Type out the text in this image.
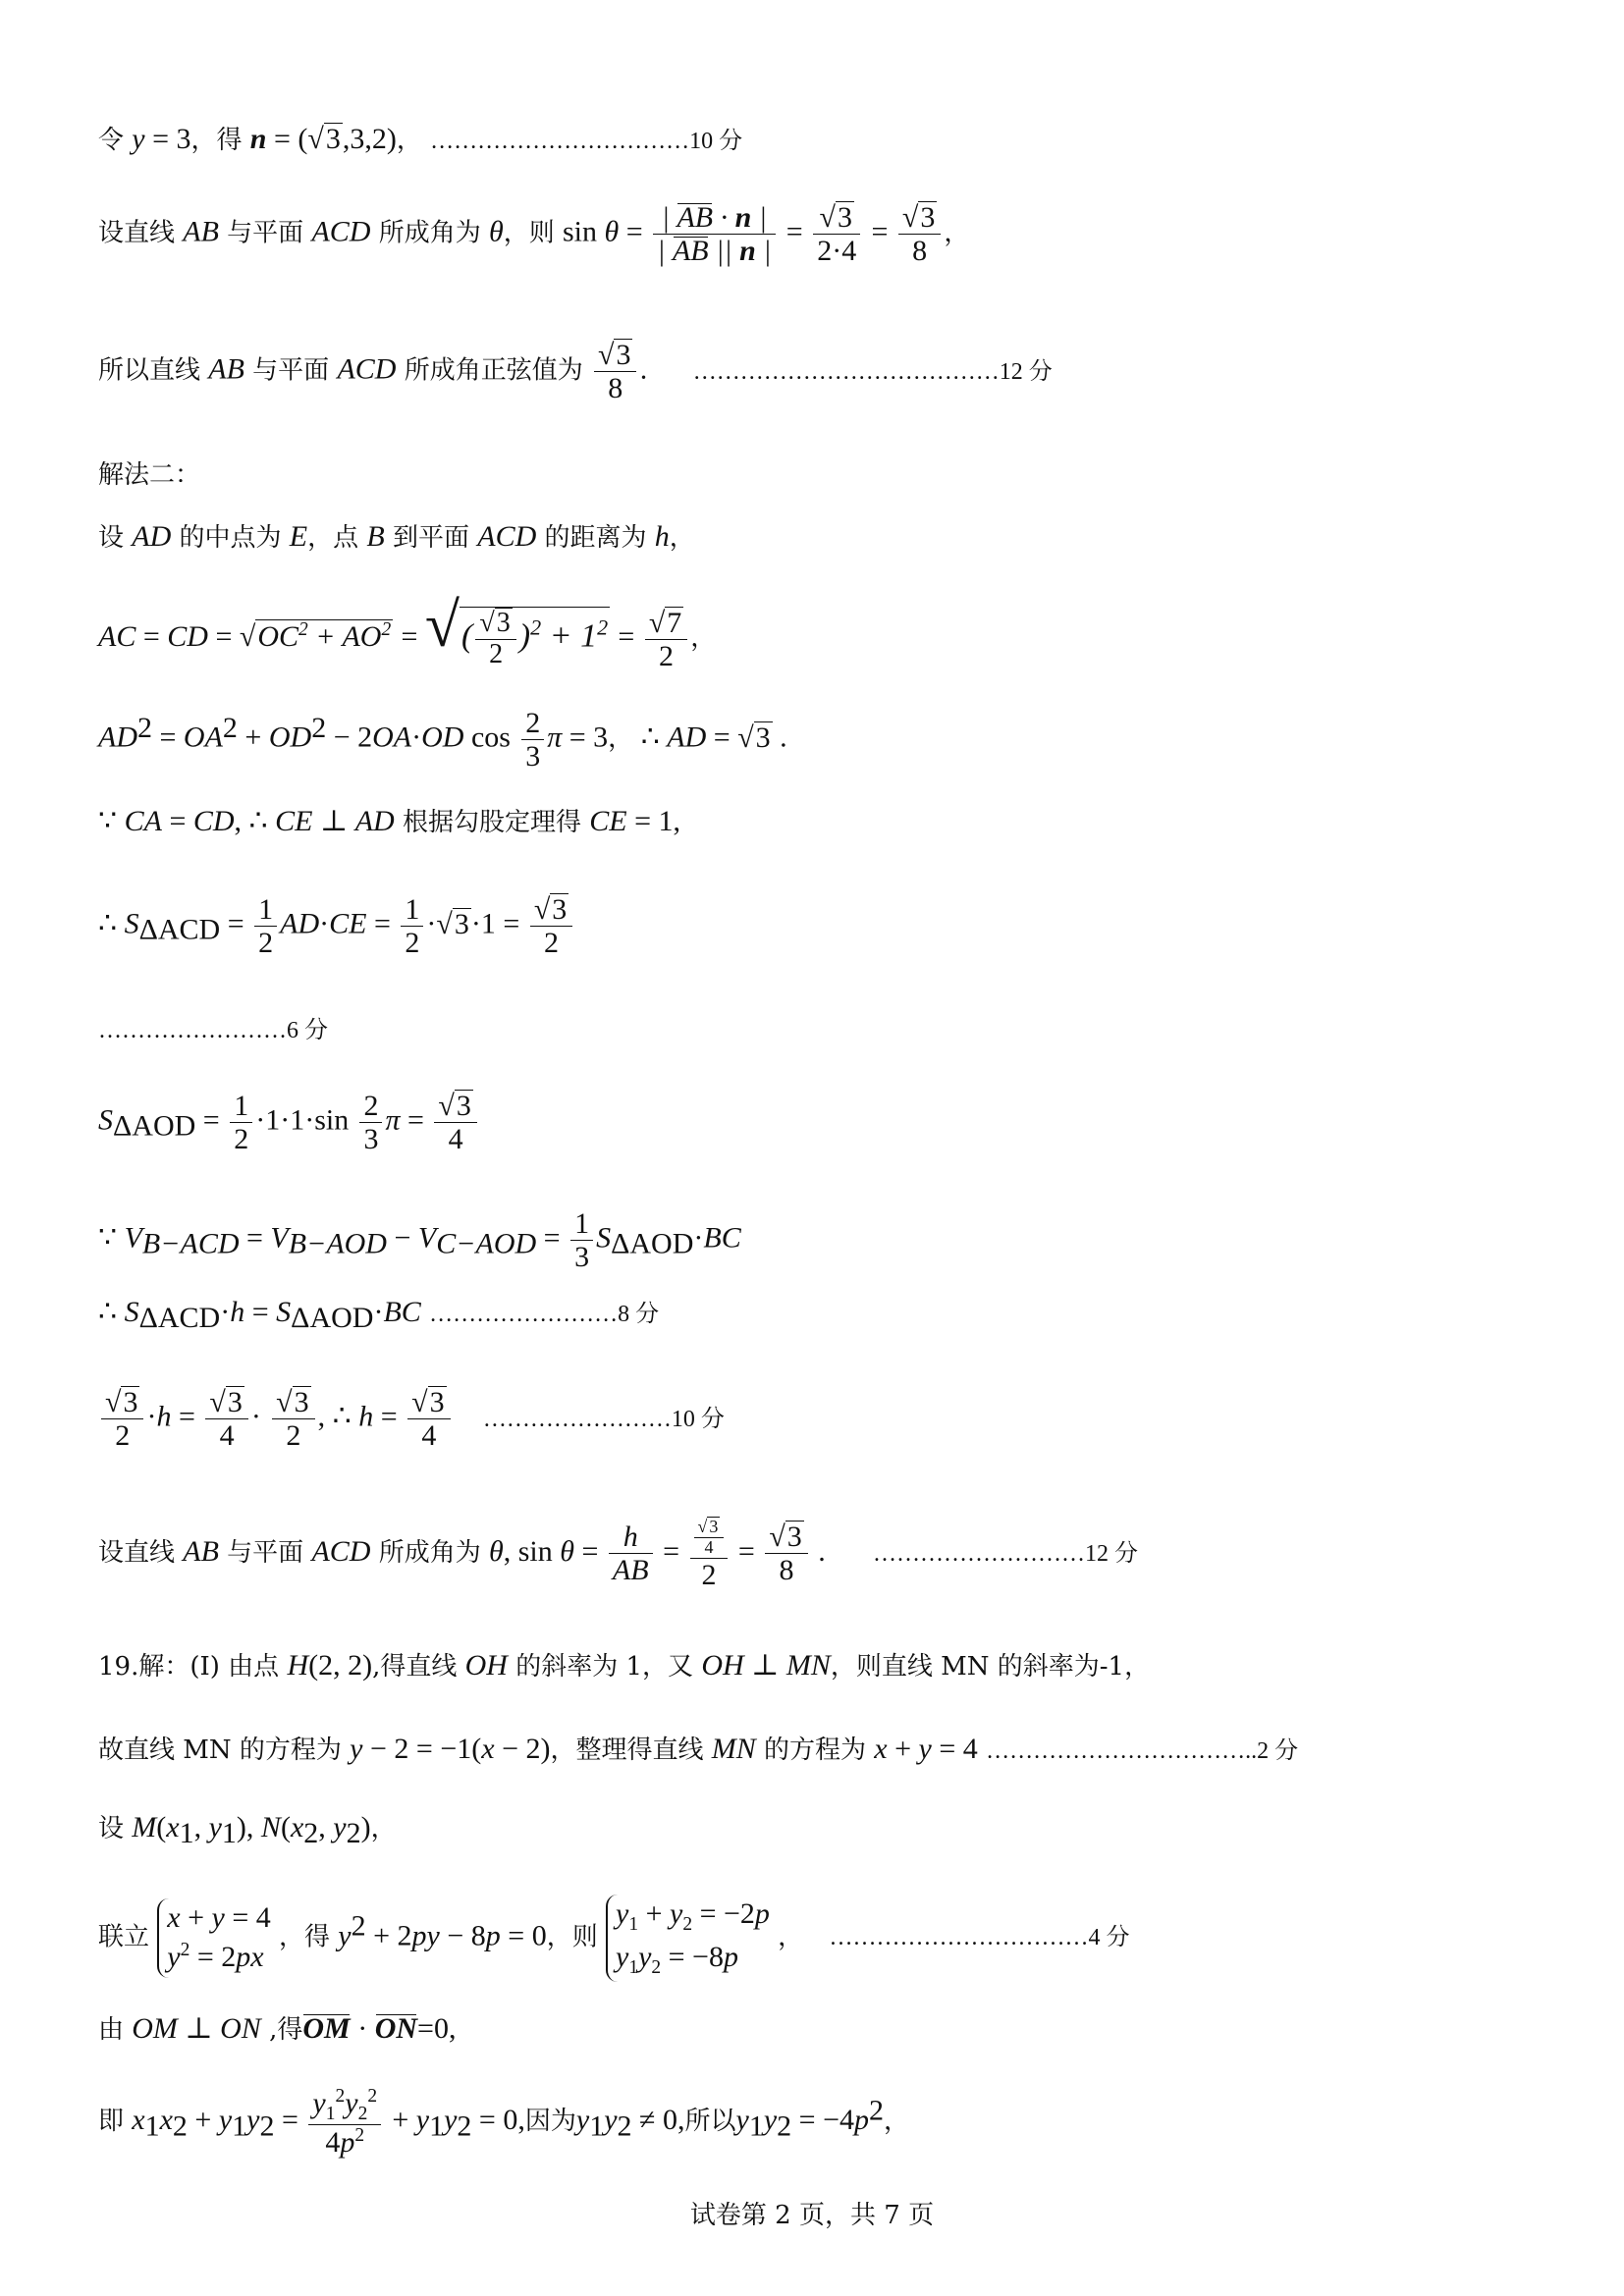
令 y = 3，得 n = (√3,3,2)， ……………………………10 分
设直线 AB 与平面 ACD 所成角为 θ，则 $\sin \theta = \frac{| AB \cdot n |}{| AB || n |} = \frac{√3}{2\cdot 4} = \frac{√3}{8}$ ，
所以直线 AB 与平面 ACD 所成角正弦值为 $\frac{√3}{8}$ ． …………………………………12 分
解法二：
设 AD 的中点为 E，点 B 到平面 ACD 的距离为 h，
AC = CD = $√OC^2 + AO^2$ = √( $\frac{√3}{2} )^2 + 1^2 = \frac{√7}{2}$ ，
$AD^2 = OA^2 + OD^2 - 2OA\cdot OD$ $\cos \frac{2}{3}$ π = 3， ∴ AD = √3 .
∵ CA = CD, ∴ CE ⊥ AD 根据勾股定理得 CE = 1,
∴ $S_{\Delta ACD} = \frac{1}{2} AD\cdot CE = \frac{1}{2} \cdot√3\cdot 1 = \frac{√3}{2}$
……………………6 分
$S_{\Delta AOD} = \frac{1}{2} \cdot 1\cdot 1\cdot\sin \frac{2}{3}$ $\pi = \frac{√3}{4}$
∵ $V_{B-ACD} = V_{B-AOD} - V_{C-AOD} = \frac{1}{3} S_{\Delta AOD}\cdot BC$
∴ $S_{\Delta ACD}\cdot h = S_{\Delta AOD}\cdot BC$ ……………………8 分
$\frac{√3}{2} \cdot h = \frac{√3}{4} \cdot \frac{√3}{2}$ , ∴ $h = \frac{√3}{4}$ ……………………10 分
设直线 AB 与平面 ACD 所成角为 θ, $\sin \theta = \frac{h}{AB} = \frac{\frac{√ 3}{4}}{2} = \frac{√3}{8}$ . ………………………12 分
19.解：(I) 由点 H(2, 2),得直线 OH 的斜率为 1，又 OH ⊥ MN，则直线 MN 的斜率为-1，
故直线 MN 的方程为 y − 2 = −1(x − 2)，整理得直线 MN 的方程为 x + y = 4 ……………………………..2 分
设 $M(x_1$, $y_1$), $N(x_2$, $y_2$)，
联立
x + y = 4
$y^2 = 2px$
，得 $y^2 + 2py - 8p = 0$，则
$y_1 + y_2 = -2p$
$y_1y_2 = -8p$
， ……………………………4 分
由 OM ⊥ ON ,得OM · ON=0,
即 $x_1x_2 + y_1y_2 = \frac{y_1^2y_2^2}{4p^2} + y_1y_2 = 0$,因为$y_1y_2 \ne 0$,所以$y_1y_2 = -4p^2$，
试卷第 2 页，共 7 页
